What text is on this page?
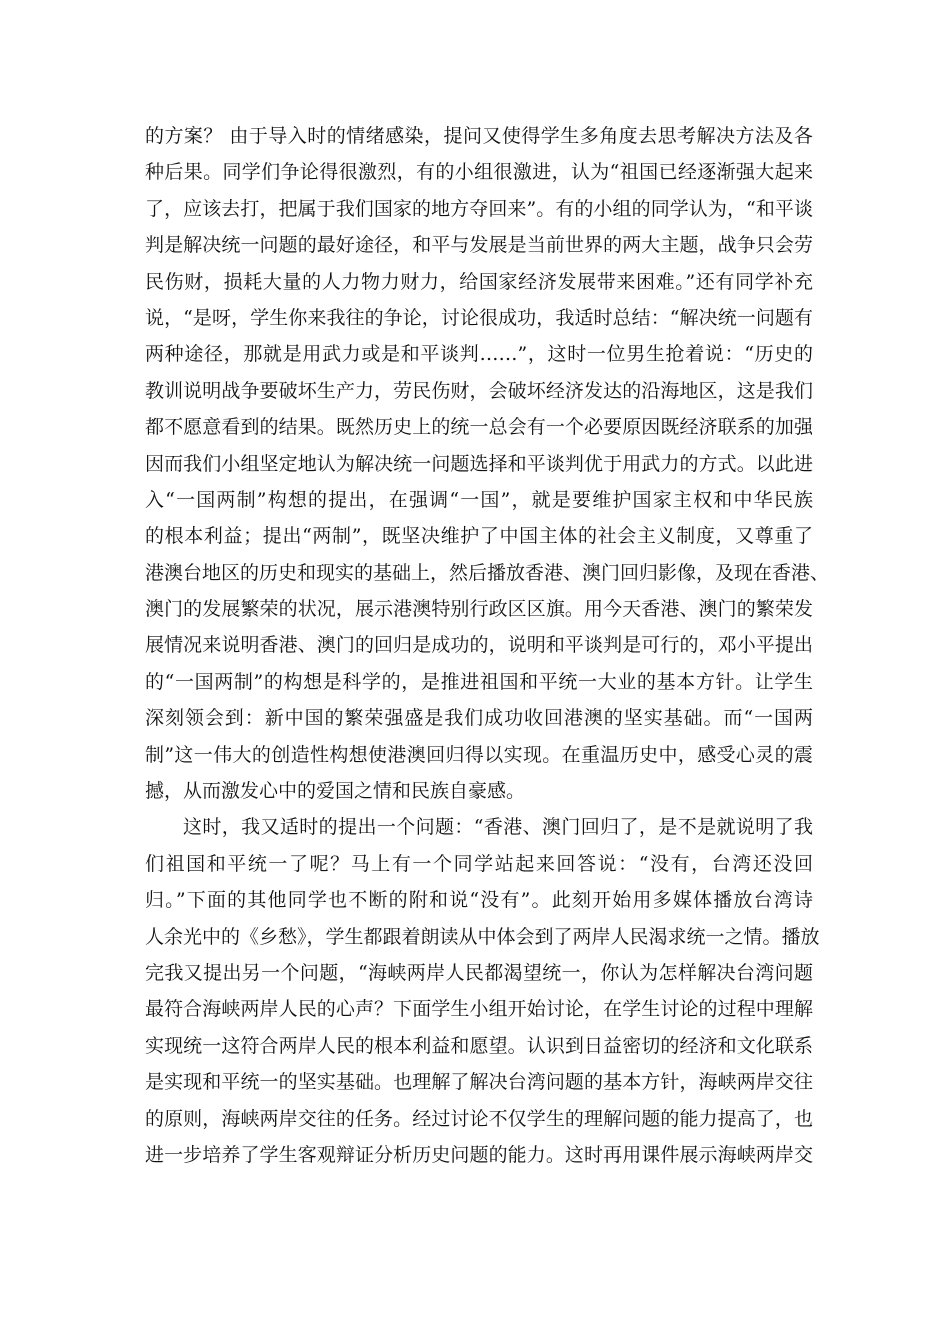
的方案？ 由于导入时的情绪感染，提问又使得学生多角度去思考解决方法及各
种后果。同学们争论得很激烈，有的小组很激进，认为“祖国已经逐渐强大起来
了，应该去打，把属于我们国家的地方夺回来”。有的小组的同学认为，“和平谈
判是解决统一问题的最好途径，和平与发展是当前世界的两大主题，战争只会劳
民伤财，损耗大量的人力物力财力，给国家经济发展带来困难。”还有同学补充
说，“是呀，学生你来我往的争论，讨论很成功，我适时总结：“解决统一问题有
两种途径，那就是用武力或是和平谈判……”，这时一位男生抢着说：“历史的
教训说明战争要破坏生产力，劳民伤财，会破坏经济发达的沿海地区，这是我们
都不愿意看到的结果。既然历史上的统一总会有一个必要原因既经济联系的加强
因而我们小组坚定地认为解决统一问题选择和平谈判优于用武力的方式。以此进
入“一国两制”构想的提出，在强调“一国”，就是要维护国家主权和中华民族
的根本利益；提出“两制”，既坚决维护了中国主体的社会主义制度，又尊重了
港澳台地区的历史和现实的基础上，然后播放香港、澳门回归影像，及现在香港、
澳门的发展繁荣的状况，展示港澳特别行政区区旗。用今天香港、澳门的繁荣发
展情况来说明香港、澳门的回归是成功的，说明和平谈判是可行的，邓小平提出
的“一国两制”的构想是科学的，是推进祖国和平统一大业的基本方针。让学生
深刻领会到：新中国的繁荣强盛是我们成功收回港澳的坚实基础。而“一国两
制”这一伟大的创造性构想使港澳回归得以实现。在重温历史中，感受心灵的震
撼，从而激发心中的爱国之情和民族自豪感。
这时，我又适时的提出一个问题：“香港、澳门回归了，是不是就说明了我
们祖国和平统一了呢？马上有一个同学站起来回答说：“没有，台湾还没回
归。”下面的其他同学也不断的附和说“没有”。此刻开始用多媒体播放台湾诗
人余光中的《乡愁》，学生都跟着朗读从中体会到了两岸人民渴求统一之情。播放
完我又提出另一个问题，“海峡两岸人民都渴望统一，你认为怎样解决台湾问题
最符合海峡两岸人民的心声？下面学生小组开始讨论，在学生讨论的过程中理解
实现统一这符合两岸人民的根本利益和愿望。认识到日益密切的经济和文化联系
是实现和平统一的坚实基础。也理解了解决台湾问题的基本方针，海峡两岸交往
的原则，海峡两岸交往的任务。经过讨论不仅学生的理解问题的能力提高了，也
进一步培养了学生客观辩证分析历史问题的能力。这时再用课件展示海峡两岸交
